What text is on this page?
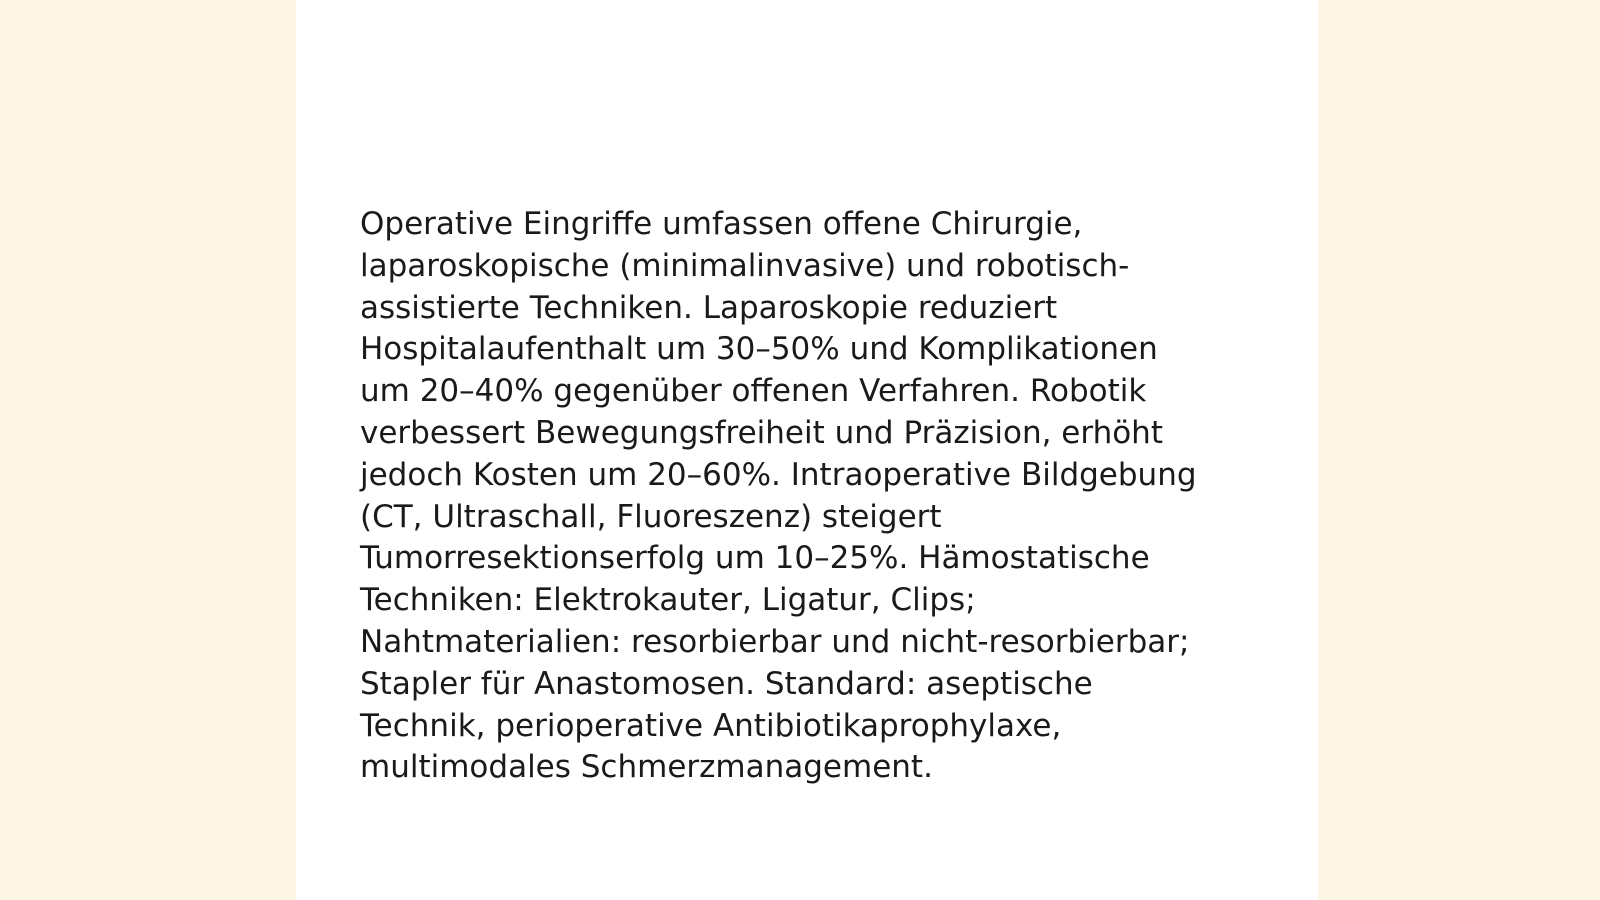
Operative Eingriffe umfassen offene Chirurgie,
laparoskopische (minimalinvasive) und robotisch-
assistierte Techniken. Laparoskopie reduziert
Hospitalaufenthalt um 30–50% und Komplikationen
um 20–40% gegenüber offenen Verfahren. Robotik
verbessert Bewegungsfreiheit und Präzision, erhöht
jedoch Kosten um 20–60%. Intraoperative Bildgebung
(CT, Ultraschall, Fluoreszenz) steigert
Tumorresektionserfolg um 10–25%. Hämostatische
Techniken: Elektrokauter, Ligatur, Clips;
Nahtmaterialien: resorbierbar und nicht-resorbierbar;
Stapler für Anastomosen. Standard: aseptische
Technik, perioperative Antibiotikaprophylaxe,
multimodales Schmerzmanagement.
